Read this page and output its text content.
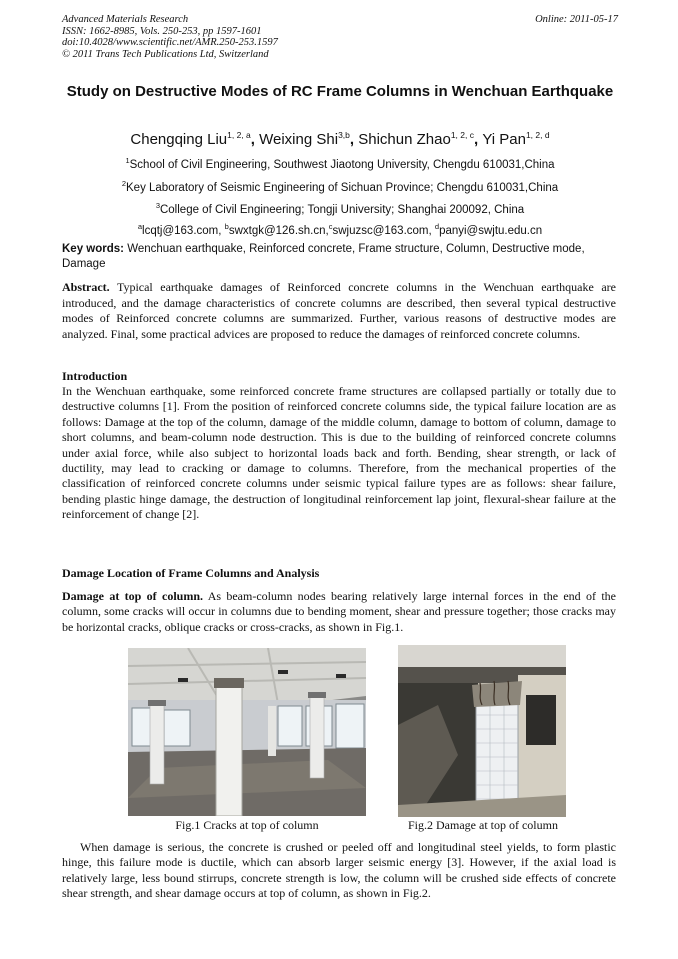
Advanced Materials Research
ISSN: 1662-8985, Vols. 250-253, pp 1597-1601
doi:10.4028/www.scientific.net/AMR.250-253.1597
© 2011 Trans Tech Publications Ltd, Switzerland
Online: 2011-05-17
Study on Destructive Modes of RC Frame Columns in Wenchuan Earthquake
Chengqing Liu$^{1, 2, a}$, Weixing Shi$^{3,b}$, Shichun Zhao$^{1, 2, c}$, Yi Pan$^{1, 2, d}$
$^1$School of Civil Engineering, Southwest Jiaotong University, Chengdu 610031,China
$^2$Key Laboratory of Seismic Engineering of Sichuan Province; Chengdu 610031,China
$^3$College of Civil Engineering; Tongji University; Shanghai 200092, China
$^a$lcqtj@163.com, $^b$swxtgk@126.sh.cn,$^c$swjuzsc@163.com, $^d$panyi@swjtu.edu.cn
Key words: Wenchuan earthquake, Reinforced concrete, Frame structure, Column, Destructive mode, Damage
Abstract. Typical earthquake damages of Reinforced concrete columns in the Wenchuan earthquake are introduced, and the damage characteristics of concrete columns are described, then several typical destructive modes of Reinforced concrete columns are summarized. Further, various reasons of destructive modes are analyzed. Final, some practical advices are proposed to reduce the damages of reinforced concrete columns.
Introduction
In the Wenchuan earthquake, some reinforced concrete frame structures are collapsed partially or totally due to destructive columns [1]. From the position of reinforced concrete columns side, the typical failure location are as follows: Damage at the top of the column, damage of the middle column, damage to bottom of column, damage to short columns, and beam-column node destruction. This is due to the building of reinforced concrete columns under axial force, while also subject to horizontal loads back and forth. Bending, shear strength, or lack of ductility, may lead to cracking or damage to columns. Therefore, from the mechanical properties of the classification of reinforced concrete columns under seismic typical failure types are as follows: shear failure, bending plastic hinge damage, the destruction of longitudinal reinforcement lap joint, flexural-shear failure at the reinforcement of change [2].
Damage Location of Frame Columns and Analysis
Damage at top of column. As beam-column nodes bearing relatively large internal forces in the end of the column, some cracks will occur in columns due to bending moment, shear and pressure together; those cracks may be horizontal cracks, oblique cracks or cross-cracks, as shown in Fig.1.
Fig.1 Cracks at top of column	Fig.2 Damage at top of column
When damage is serious, the concrete is crushed or peeled off and longitudinal steel yields, to form plastic hinge, this failure mode is ductile, which can absorb larger seismic energy [3]. However, if the axial load is relatively large, less bound stirrups, concrete strength is low, the column will be crushed side effects of concrete shear strength, and shear damage occurs at top of column, as shown in Fig.2.
